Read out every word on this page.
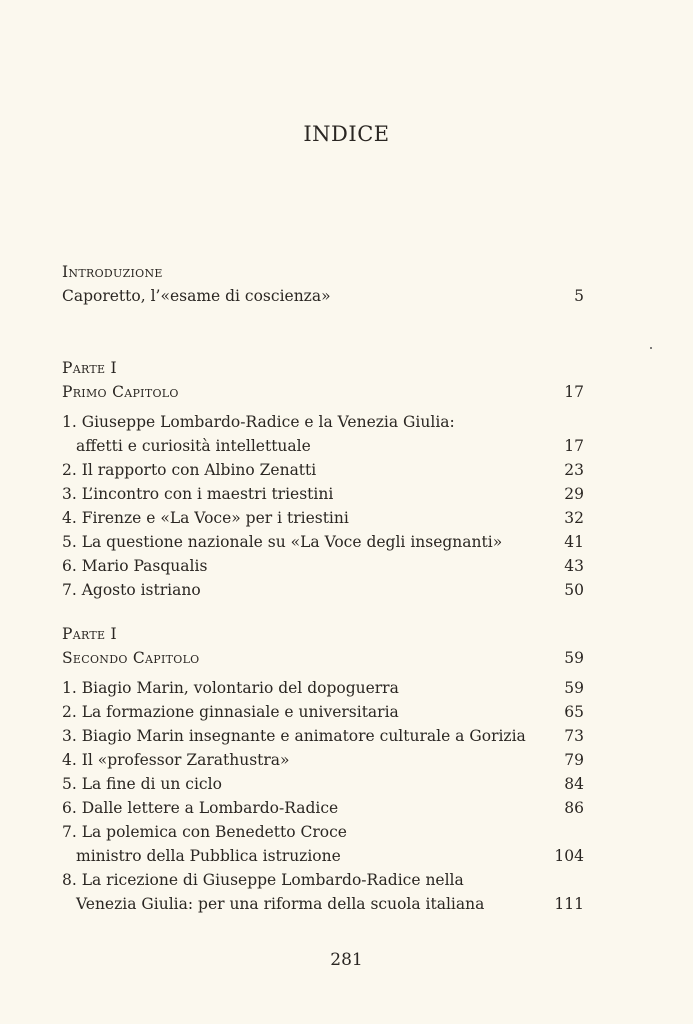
INDICE
Introduzione
Caporetto, l’«esame di coscienza»	5
Parte I
Primo Capitolo	17
1. Giuseppe Lombardo-Radice e la Venezia Giulia:
affetti e curiosità intellettuale	17
2. Il rapporto con Albino Zenatti	23
3. L’incontro con i maestri triestini	29
4. Firenze e «La Voce» per i triestini	32
5. La questione nazionale su «La Voce degli insegnanti»	41
6. Mario Pasqualis	43
7. Agosto istriano	50
Parte I
Secondo Capitolo	59
1. Biagio Marin, volontario del dopoguerra	59
2. La formazione ginnasiale e universitaria	65
3. Biagio Marin insegnante e animatore culturale a Gorizia 73
4. Il «professor Zarathustra»	79
5. La fine di un ciclo	84
6. Dalle lettere a Lombardo-Radice	86
7. La polemica con Benedetto Croce
ministro della Pubblica istruzione	104
8. La ricezione di Giuseppe Lombardo-Radice nella
Venezia Giulia: per una riforma della scuola italiana	111
281
